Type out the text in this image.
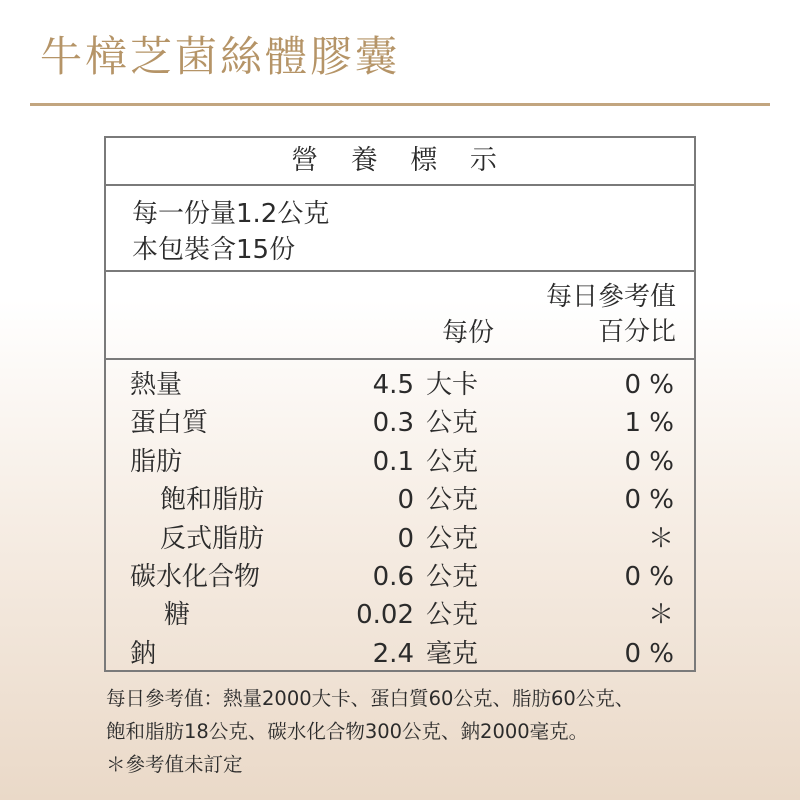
牛樟芝菌絲體膠囊
營 養 標 示
每一份量1.2公克
本包裝含15份
每份
每日參考值
百分比
熱量	4.5 大卡	0 %
蛋白質	0.3 公克	1 %
脂肪	0.1 公克	0 %
飽和脂肪	0 公克	0 %
反式脂肪	0 公克	＊
碳水化合物	0.6 公克	0 %
糖	0.02 公克	＊
鈉	2.4 毫克	0 %
每日參考值：熱量2000大卡、蛋白質60公克、脂肪60公克、
飽和脂肪18公克、碳水化合物300公克、鈉2000毫克。
＊參考值未訂定
